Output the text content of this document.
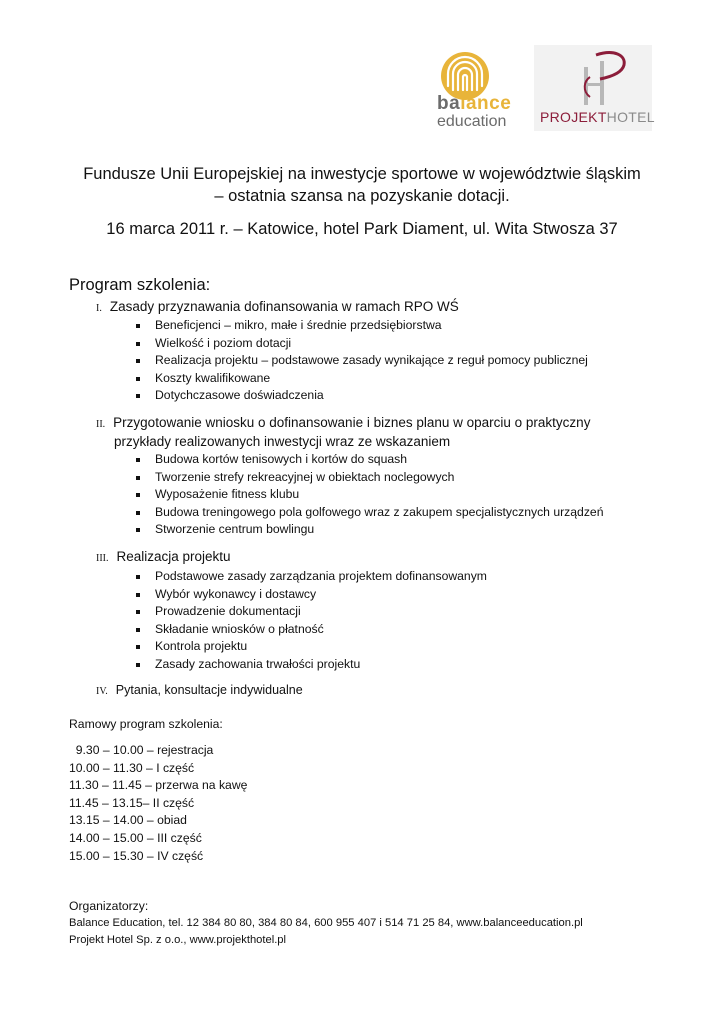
balance
education PROJEKTHOTEL
Fundusze Unii Europejskiej na inwestycje sportowe w województwie śląskim
– ostatnia szansa na pozyskanie dotacji.
16 marca 2011 r. – Katowice, hotel Park Diament, ul. Wita Stwosza 37
Program szkolenia:
I. Zasady przyznawania dofinansowania w ramach RPO WŚ
Beneficjenci – mikro, małe i średnie przedsiębiorstwa
Wielkość i poziom dotacji
Realizacja projektu – podstawowe zasady wynikające z reguł pomocy publicznej
Koszty kwalifikowane
Dotychczasowe doświadczenia
II. Przygotowanie wniosku o dofinansowanie i biznes planu w oparciu o praktyczny
przykłady realizowanych inwestycji wraz ze wskazaniem
Budowa kortów tenisowych i kortów do squash
Tworzenie strefy rekreacyjnej w obiektach noclegowych
Wyposażenie fitness klubu
Budowa treningowego pola golfowego wraz z zakupem specjalistycznych urządzeń
Stworzenie centrum bowlingu
III. Realizacja projektu
Podstawowe zasady zarządzania projektem dofinansowanym
Wybór wykonawcy i dostawcy
Prowadzenie dokumentacji
Składanie wniosków o płatność
Kontrola projektu
Zasady zachowania trwałości projektu
IV. Pytania, konsultacje indywidualne
Ramowy program szkolenia:
9.30 – 10.00 – rejestracja
10.00 – 11.30 – I część
11.30 – 11.45 – przerwa na kawę
11.45 – 13.15– II część
13.15 – 14.00 – obiad
14.00 – 15.00 – III część
15.00 – 15.30 – IV część
Organizatorzy:
Balance Education, tel. 12 384 80 80, 384 80 84, 600 955 407 i 514 71 25 84, www.balanceeducation.pl
Projekt Hotel Sp. z o.o., www.projekthotel.pl
